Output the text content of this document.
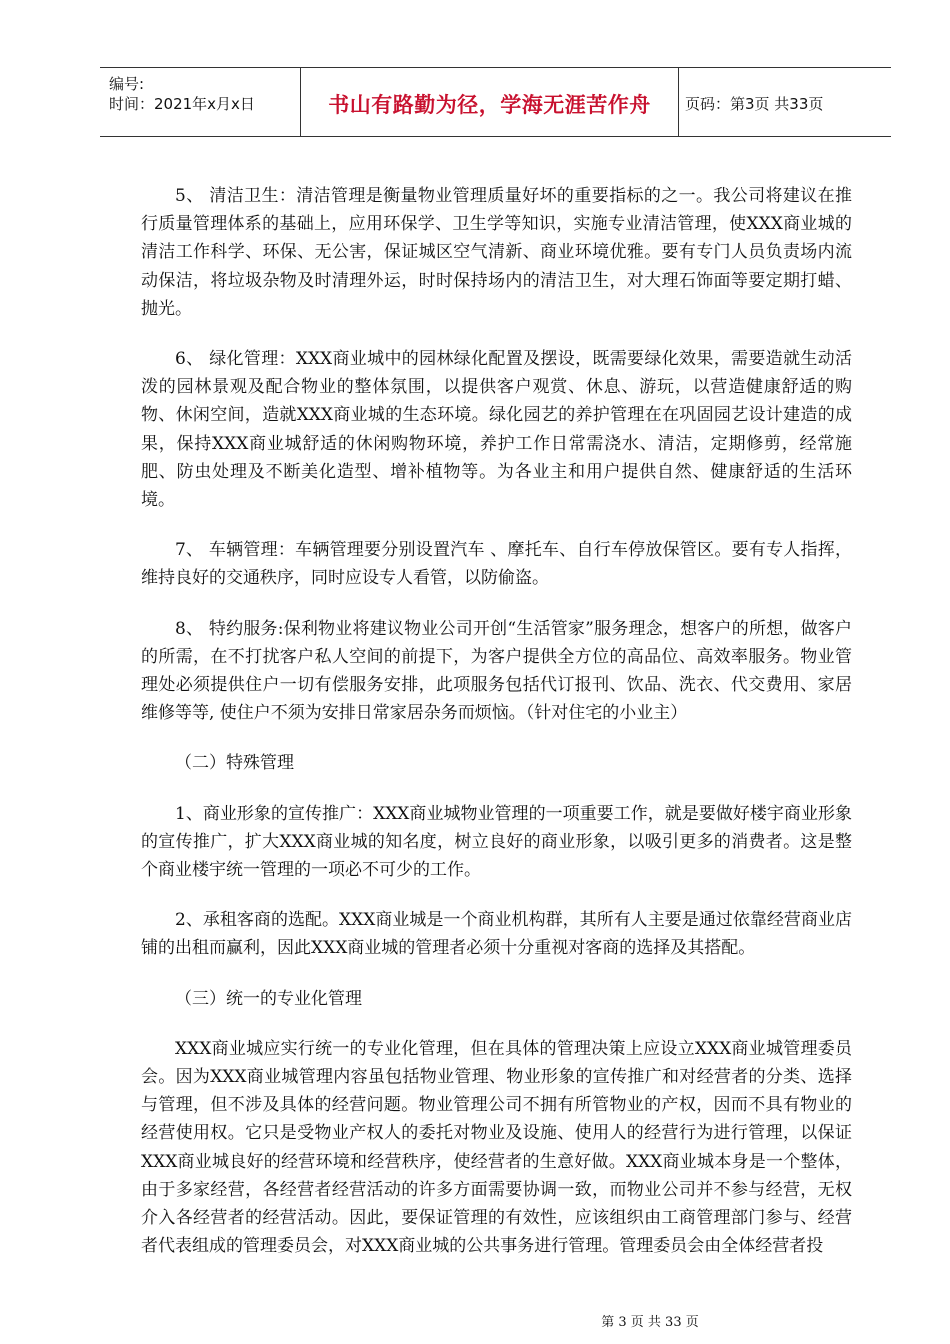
编号:
时间：2021年x月x日	书山有路勤为径，学海无涯苦作舟	页码：第3页 共33页

5、 清洁卫生：清洁管理是衡量物业管理质量好坏的重要指标的之一。我公司将建议在推行质量管理体系的基础上，应用环保学、卫生学等知识，实施专业清洁管理，使XXX商业城的清洁工作科学、环保、无公害，保证城区空气清新、商业环境优雅。要有专门人员负责场内流动保洁，将垃圾杂物及时清理外运，时时保持场内的清洁卫生，对大理石饰面等要定期打蜡、抛光。

6、 绿化管理：XXX商业城中的园林绿化配置及摆设，既需要绿化效果，需要造就生动活泼的园林景观及配合物业的整体氛围，以提供客户观赏、休息、游玩，以营造健康舒适的购物、休闲空间，造就XXX商业城的生态环境。绿化园艺的养护管理在在巩固园艺设计建造的成果，保持XXX商业城舒适的休闲购物环境，养护工作日常需浇水、清洁，定期修剪，经常施肥、防虫处理及不断美化造型、增补植物等。为各业主和用户提供自然、健康舒适的生活环境。

7、 车辆管理：车辆管理要分别设置汽车 、摩托车、自行车停放保管区。要有专人指挥，维持良好的交通秩序，同时应设专人看管，以防偷盗。

8、 特约服务:保利物业将建议物业公司开创“生活管家”服务理念，想客户的所想，做客户的所需，在不打扰客户私人空间的前提下，为客户提供全方位的高品位、高效率服务。物业管理处必须提供住户一切有偿服务安排，此项服务包括代订报刊、饮品、洗衣、代交费用、家居维修等等, 使住户不须为安排日常家居杂务而烦恼。（针对住宅的小业主）

（二）特殊管理

1、商业形象的宣传推广：XXX商业城物业管理的一项重要工作，就是要做好楼宇商业形象的宣传推广，扩大XXX商业城的知名度，树立良好的商业形象，以吸引更多的消费者。这是整个商业楼宇统一管理的一项必不可少的工作。

2、承租客商的选配。XXX商业城是一个商业机构群，其所有人主要是通过依靠经营商业店铺的出租而赢利，因此XXX商业城的管理者必须十分重视对客商的选择及其搭配。

（三）统一的专业化管理

XXX商业城应实行统一的专业化管理，但在具体的管理决策上应设立XXX商业城管理委员会。因为XXX商业城管理内容虽包括物业管理、物业形象的宣传推广和对经营者的分类、选择与管理，但不涉及具体的经营问题。物业管理公司不拥有所管物业的产权，因而不具有物业的经营使用权。它只是受物业产权人的委托对物业及设施、使用人的经营行为进行管理，以保证XXX商业城良好的经营环境和经营秩序，使经营者的生意好做。XXX商业城本身是一个整体，由于多家经营，各经营者经营活动的许多方面需要协调一致，而物业公司并不参与经营，无权介入各经营者的经营活动。因此，要保证管理的有效性，应该组织由工商管理部门参与、经营者代表组成的管理委员会，对XXX商业城的公共事务进行管理。管理委员会由全体经营者投

第 3 页 共 33 页
